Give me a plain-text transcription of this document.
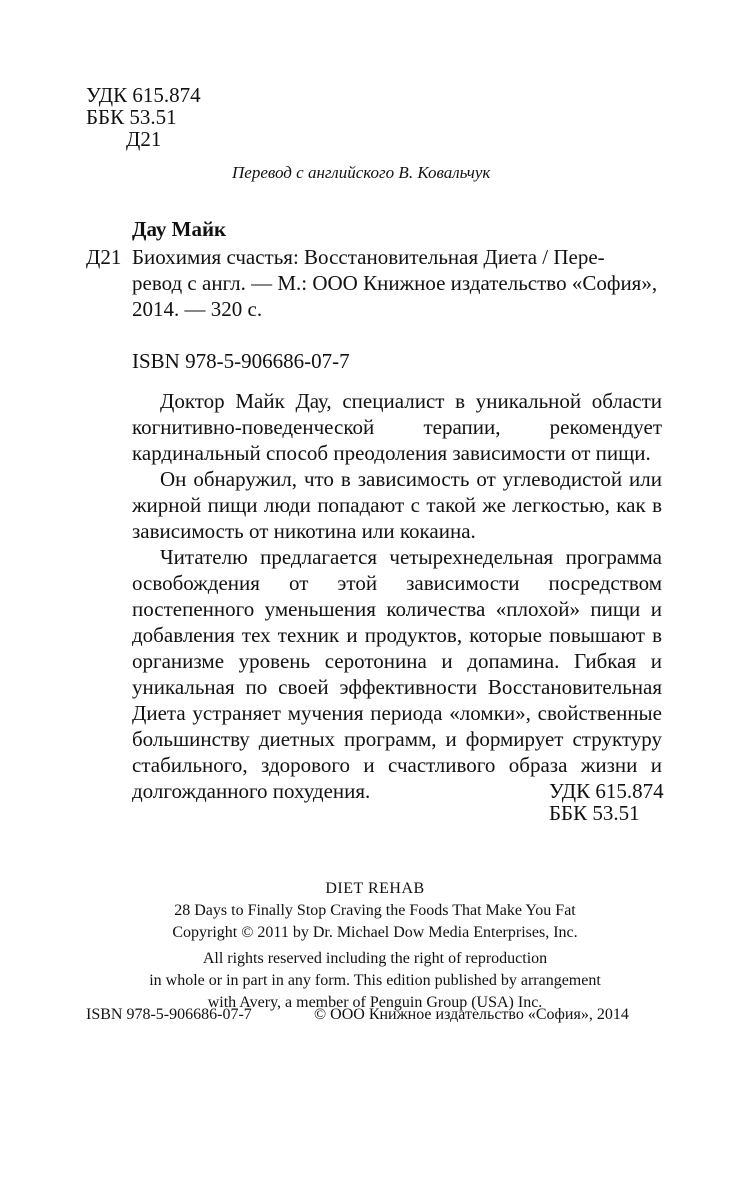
УДК 615.874
ББК 53.51
Д21
Перевод с английского В. Ковальчук
Дау Майк
Д21 Биохимия счастья: Восстановительная Диета / Пере-
ревод с англ. — М.: ООО Книжное издательство «София»,
2014. — 320 с.
ISBN 978-5-906686-07-7

Доктор Майк Дау, специалист в уникальной области когнитивно-поведенческой терапии, рекомендует кардинальный способ преодоления зависимости от пищи.

Он обнаружил, что в зависимость от углеводистой или жирной пищи люди попадают с такой же легкостью, как в зависимость от никотина или кокаина.

Читателю предлагается четырехнедельная программа освобождения от этой зависимости посредством постепенного уменьшения количества «плохой» пищи и добавления тех техник и продуктов, которые повышают в организме уровень серотонина и допамина. Гибкая и уникальная по своей эффективности Восстановительная Диета устраняет мучения периода «ломки», свойственные большинству диетных программ, и формирует структуру стабильного, здорового и счастливого образа жизни и долгожданного похудения.	УДК 615.874
ББК 53.51
DIET REHAB
28 Days to Finally Stop Craving the Foods That Make You Fat
Copyright © 2011 by Dr. Michael Dow Media Enterprises, Inc.
All rights reserved including the right of reproduction
in whole or in part in any form. This edition published by arrangement
with Avery, a member of Penguin Group (USA) Inc.
ISBN 978-5-906686-07-7	© ООО Книжное издательство «София», 2014
